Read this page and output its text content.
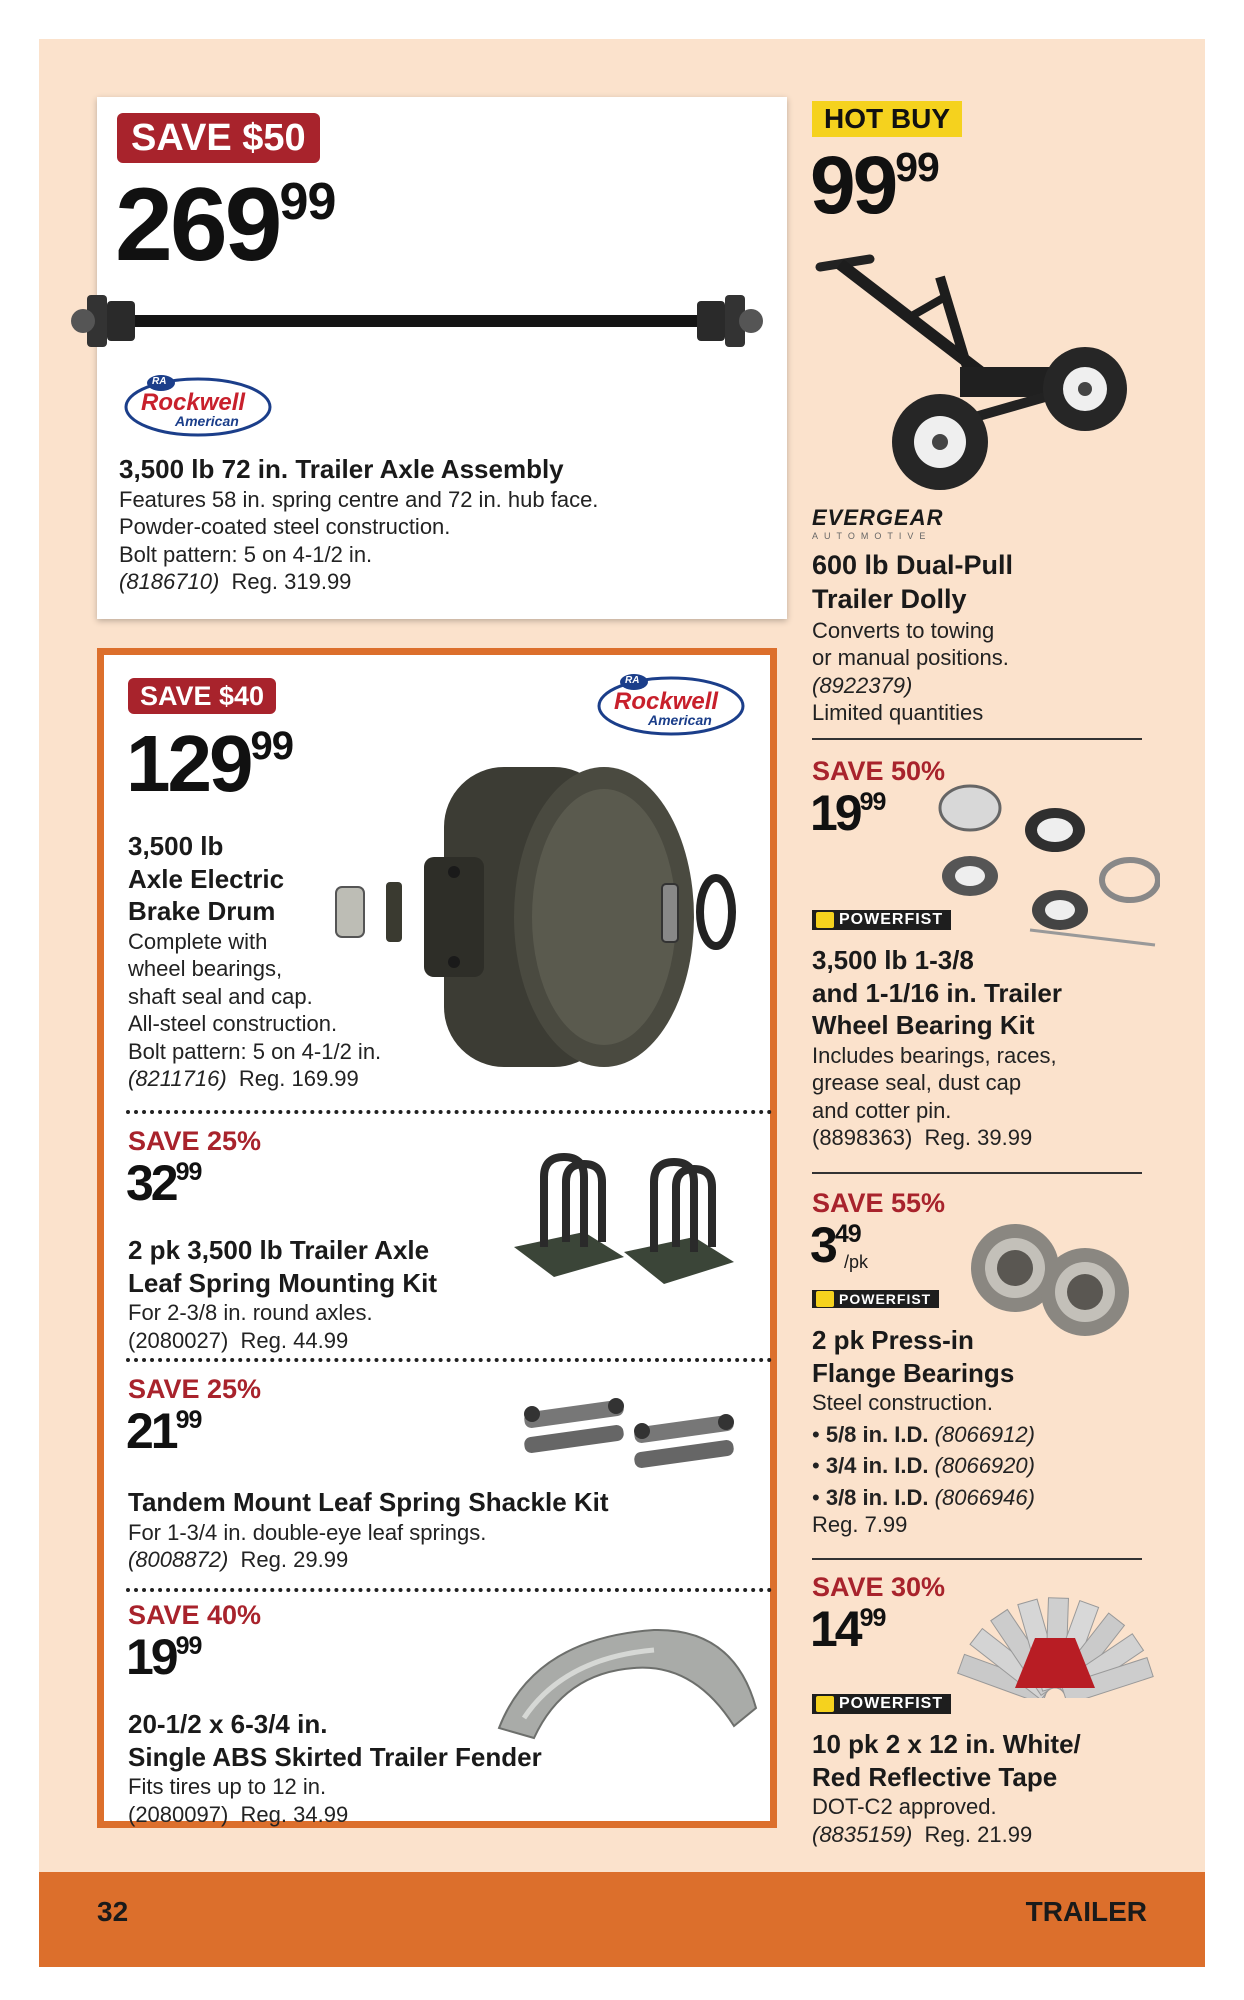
SAVE $50
$269^{99}$
RA
Rockwell
American
3,500 lb 72 in. Trailer Axle Assembly
Features 58 in. spring centre and 72 in. hub face.
Powder-coated steel construction.
Bolt pattern: 5 on 4-1/2 in.
(8186710) Reg. 319.99
HOT BUY
$99^{99}$
EVERGEAR
AUTOMOTIVE
600 lb Dual-Pull
Trailer Dolly
Converts to towing
or manual positions.
(8922379)
Limited quantities
SAVE $40
$129^{99}$
RA
Rockwell
American
3,500 lb
Axle Electric
Brake Drum
Complete with
wheel bearings,
shaft seal and cap.
All-steel construction.
Bolt pattern: 5 on 4-1/2 in.
(8211716) Reg. 169.99
SAVE 25%
$32^{99}$
2 pk 3,500 lb Trailer Axle
Leaf Spring Mounting Kit
For 2-3/8 in. round axles.
(2080027) Reg. 44.99
SAVE 25%
$21^{99}$
Tandem Mount Leaf Spring Shackle Kit
For 1-3/4 in. double-eye leaf springs.
(8008872) Reg. 29.99
SAVE 40%
$19^{99}$
20-1/2 x 6-3/4 in.
Single ABS Skirted Trailer Fender
Fits tires up to 12 in.
(2080097) Reg. 34.99
SAVE 50%
$19^{99}$
POWERFIST
3,500 lb 1-3/8
and 1-1/16 in. Trailer
Wheel Bearing Kit
Includes bearings, races,
grease seal, dust cap
and cotter pin.
(8898363) Reg. 39.99
SAVE 55%
$3^{49}$
/pk
POWERFIST
2 pk Press-in
Flange Bearings
Steel construction.
• 5/8 in. I.D. (8066912)
• 3/4 in. I.D. (8066920)
• 3/8 in. I.D. (8066946)
Reg. 7.99
SAVE 30%
$14^{99}$
POWERFIST
10 pk 2 x 12 in. White/
Red Reflective Tape
DOT-C2 approved.
(8835159) Reg. 21.99
32	TRAILER
